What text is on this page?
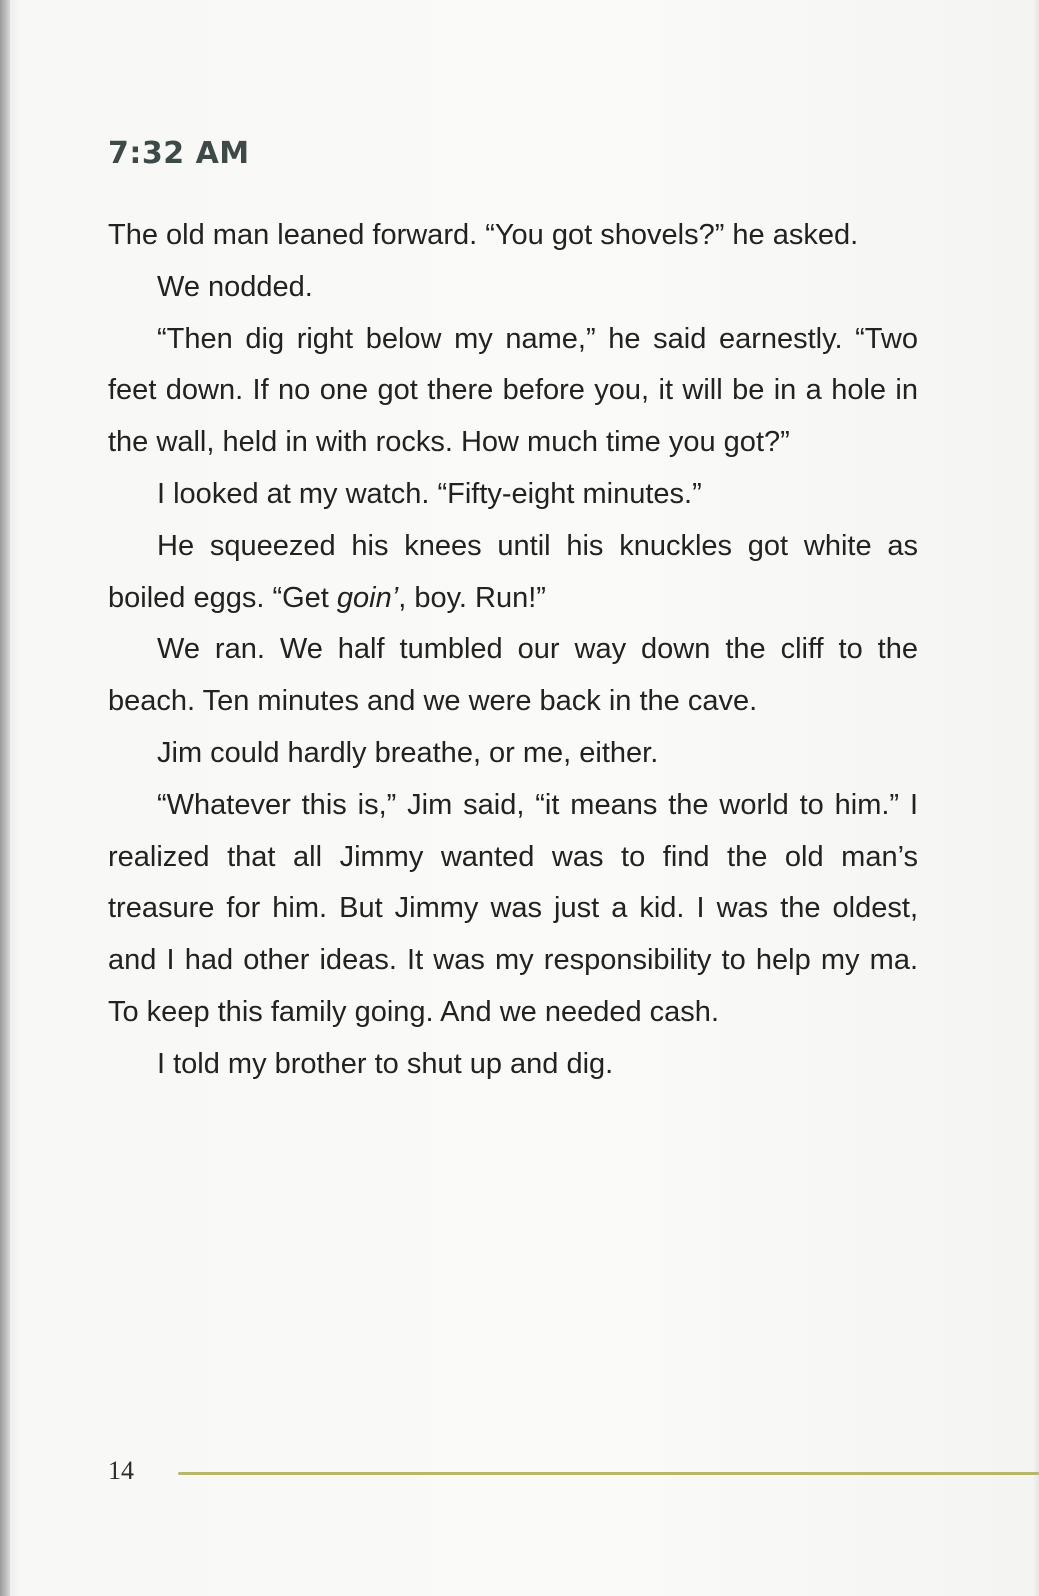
7:32 AM

The old man leaned forward. “You got shovels?” he asked.

We nodded.

“Then dig right below my name,” he said earnestly. “Two feet down. If no one got there before you, it will be in a hole in the wall, held in with rocks. How much time you got?”

I looked at my watch. “Fifty-eight minutes.”

He squeezed his knees until his knuckles got white as boiled eggs. “Get goin’, boy. Run!”

We ran. We half tumbled our way down the cliff to the beach. Ten minutes and we were back in the cave.

Jim could hardly breathe, or me, either.

“Whatever this is,” Jim said, “it means the world to him.” I realized that all Jimmy wanted was to find the old man’s treasure for him. But Jimmy was just a kid. I was the oldest, and I had other ideas. It was my responsibility to help my ma. To keep this family going. And we needed cash.

I told my brother to shut up and dig.

14
